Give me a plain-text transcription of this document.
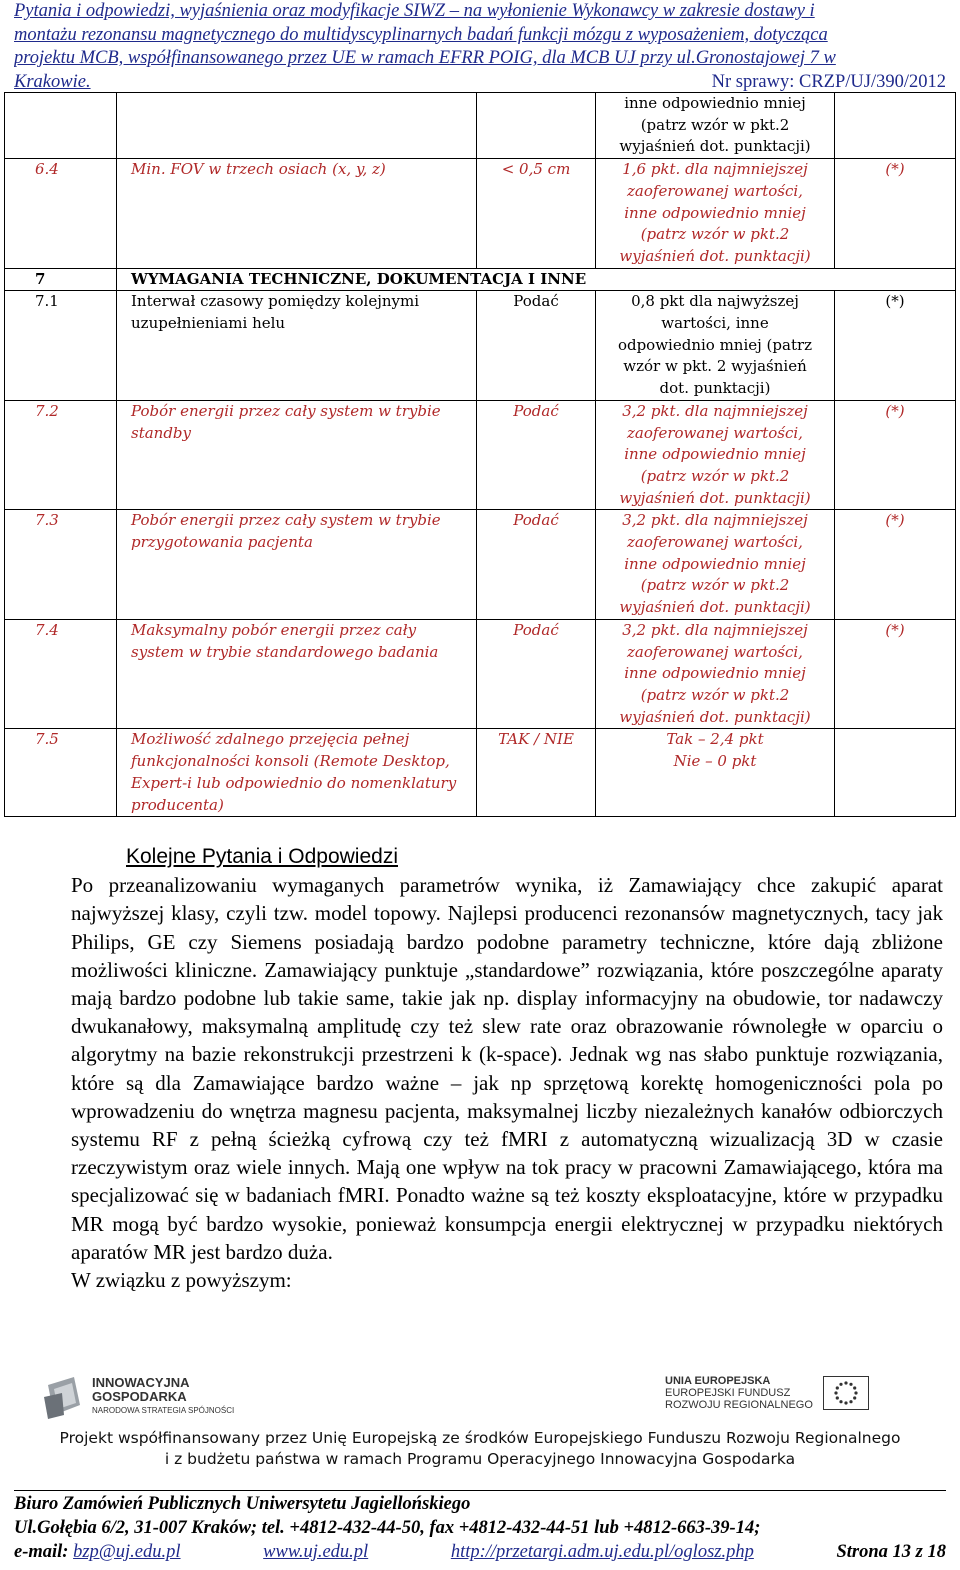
Pytania i odpowiedzi, wyjaśnienia oraz modyfikacje SIWZ – na wyłonienie Wykonawcy w zakresie dostawy i
montażu rezonansu magnetycznego do multidyscyplinarnych badań funkcji mózgu z wyposażeniem, dotycząca
projektu MCB, współfinansowanego przez UE w ramach EFRR POIG, dla MCB UJ przy ul.Gronostajowej 7 w
Krakowie.	Nr sprawy: CRZP/UJ/390/2012

			inne odpowiednio mniej
(patrz wzór w pkt.2
wyjaśnień dot. punktacji)	

6.4	Min. FOV w trzech osiach (x, y, z)	< 0,5 cm	1,6 pkt. dla najmniejszej
zaoferowanej wartości,
inne odpowiednio mniej
(patrz wzór w pkt.2
wyjaśnień dot. punktacji)	(*)
7	WYMAGANIA TECHNICZNE, DOKUMENTACJA I INNE			
7.1	Interwał czasowy pomiędzy kolejnymi uzupełnieniami helu	Podać	0,8 pkt dla najwyższej
wartości, inne
odpowiednio mniej (patrz
wzór w pkt. 2 wyjaśnień
dot. punktacji)	(*)
7.2	Pobór energii przez cały system w trybie standby	Podać	3,2 pkt. dla najmniejszej
zaoferowanej wartości,
inne odpowiednio mniej
(patrz wzór w pkt.2
wyjaśnień dot. punktacji)	(*)
7.3	Pobór energii przez cały system w trybie przygotowania pacjenta	Podać	3,2 pkt. dla najmniejszej
zaoferowanej wartości,
inne odpowiednio mniej
(patrz wzór w pkt.2
wyjaśnień dot. punktacji)	(*)
7.4	Maksymalny pobór energii przez cały system w trybie standardowego badania	Podać	3,2 pkt. dla najmniejszej
zaoferowanej wartości,
inne odpowiednio mniej
(patrz wzór w pkt.2
wyjaśnień dot. punktacji)	(*)
7.5	Możliwość zdalnego przejęcia pełnej funkcjonalności konsoli (Remote Desktop, Expert-i lub odpowiednio do nomenklatury producenta)	TAK / NIE	Tak – 2,4 pkt
Nie – 0 pkt	

Kolejne Pytania i Odpowiedzi

Po przeanalizowaniu wymaganych parametrów wynika, iż Zamawiający chce zakupić aparat najwyższej klasy, czyli tzw. model topowy. Najlepsi producenci rezonansów magnetycznych, tacy jak Philips, GE czy Siemens posiadają bardzo podobne parametry techniczne, które dają zbliżone możliwości kliniczne. Zamawiający punktuje „standardowe” rozwiązania, które poszczególne aparaty mają bardzo podobne lub takie same, takie jak np. display informacyjny na obudowie, tor nadawczy dwukanałowy, maksymalną amplitudę czy też slew rate oraz obrazowanie równoległe w oparciu o algorytmy na bazie rekonstrukcji przestrzeni k (k-space). Jednak wg nas słabo punktuje rozwiązania, które są dla Zamawiające bardzo ważne – jak np sprzętową korektę homogeniczności pola po wprowadzeniu do wnętrza magnesu pacjenta, maksymalnej liczby niezależnych kanałów odbiorczych systemu RF z pełną ścieżką cyfrową czy też fMRI z automatyczną wizualizacją 3D w czasie rzeczywistym oraz wiele innych. Mają one wpływ na tok pracy w pracowni Zamawiającego, która ma specjalizować się w badaniach fMRI. Ponadto ważne są też koszty eksploatacyjne, które w przypadku MR mogą być bardzo wysokie, ponieważ konsumpcja energii elektrycznej w przypadku niektórych aparatów MR jest bardzo duża.

W związku z powyższym:

INNOWACYJNA
GOSPODARKA
NARODOWA STRATEGIA SPÓJNOŚCI
UNIA EUROPEJSKA
EUROPEJSKI FUNDUSZ
ROZWOJU REGIONALNEGO
Projekt współfinansowany przez Unię Europejską ze środków Europejskiego Funduszu Rozwoju Regionalnego
i z budżetu państwa w ramach Programu Operacyjnego Innowacyjna Gospodarka
Biuro Zamówień Publicznych Uniwersytetu Jagiellońskiego
Ul.Gołębia 6/2, 31-007 Kraków; tel. +4812-432-44-50, fax +4812-432-44-51 lub +4812-663-39-14;
e-mail: bzp@uj.edu.pl	www.uj.edu.pl	http://przetargi.adm.uj.edu.pl/oglosz.php	Strona 13 z 18
